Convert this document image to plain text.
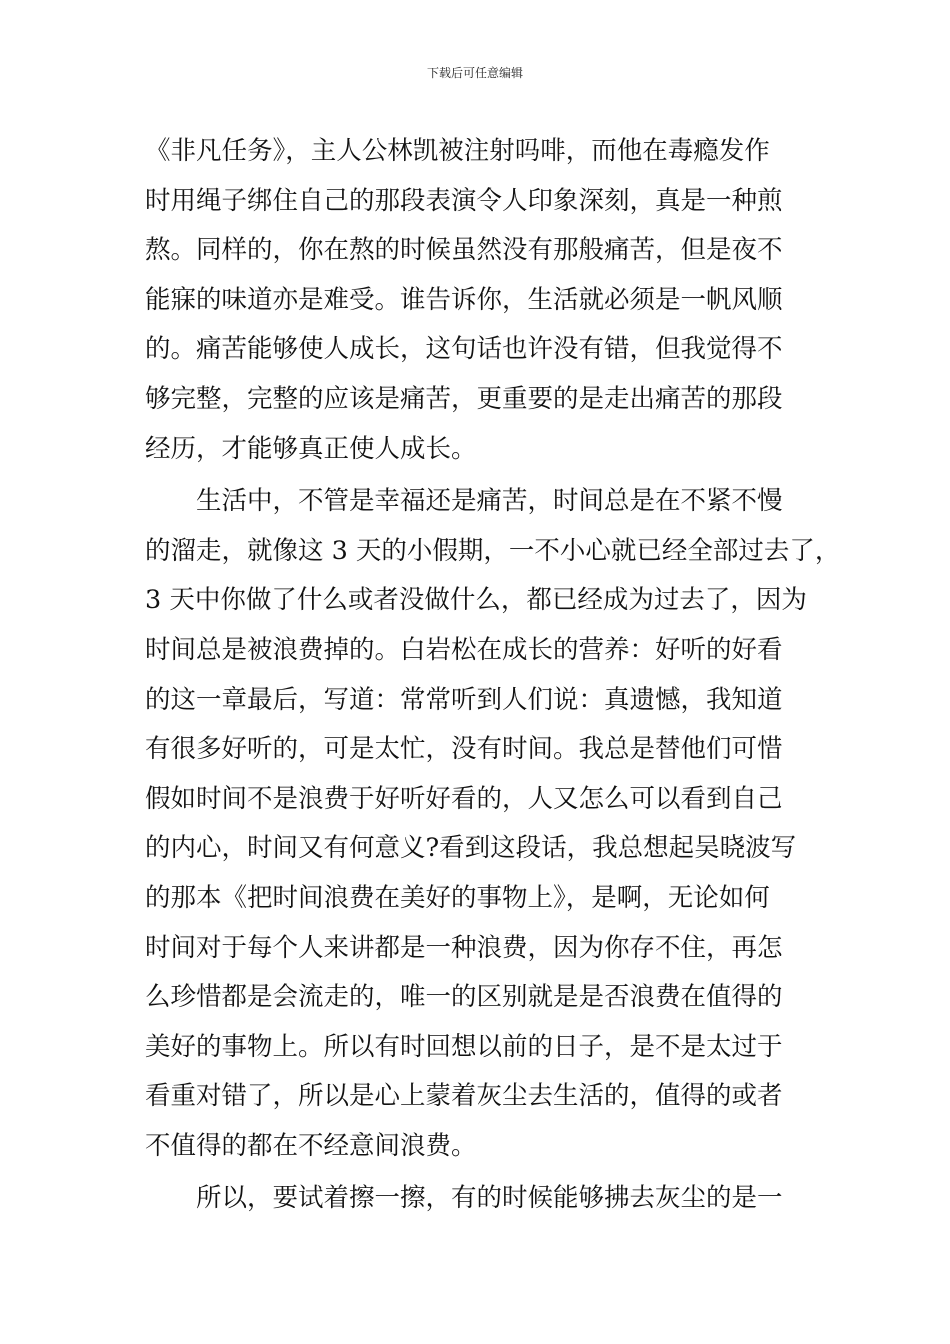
下载后可任意编辑
《非凡任务》，主人公林凯被注射吗啡，而他在毒瘾发作
时用绳子绑住自己的那段表演令人印象深刻，真是一种煎
熬。同样的，你在熬的时候虽然没有那般痛苦，但是夜不
能寐的味道亦是难受。谁告诉你，生活就必须是一帆风顺
的。痛苦能够使人成长，这句话也许没有错，但我觉得不
够完整，完整的应该是痛苦，更重要的是走出痛苦的那段
经历，才能够真正使人成长。
生活中，不管是幸福还是痛苦，时间总是在不紧不慢
的溜走，就像这 3 天的小假期，一不小心就已经全部过去了，
3 天中你做了什么或者没做什么，都已经成为过去了，因为
时间总是被浪费掉的。白岩松在成长的营养：好听的好看
的这一章最后，写道：常常听到人们说：真遗憾，我知道
有很多好听的，可是太忙，没有时间。我总是替他们可惜
假如时间不是浪费于好听好看的，人又怎么可以看到自己
的内心，时间又有何意义?看到这段话，我总想起吴晓波写
的那本《把时间浪费在美好的事物上》，是啊，无论如何
时间对于每个人来讲都是一种浪费，因为你存不住，再怎
么珍惜都是会流走的，唯一的区别就是是否浪费在值得的
美好的事物上。所以有时回想以前的日子，是不是太过于
看重对错了，所以是心上蒙着灰尘去生活的，值得的或者
不值得的都在不经意间浪费。
所以，要试着擦一擦，有的时候能够拂去灰尘的是一
